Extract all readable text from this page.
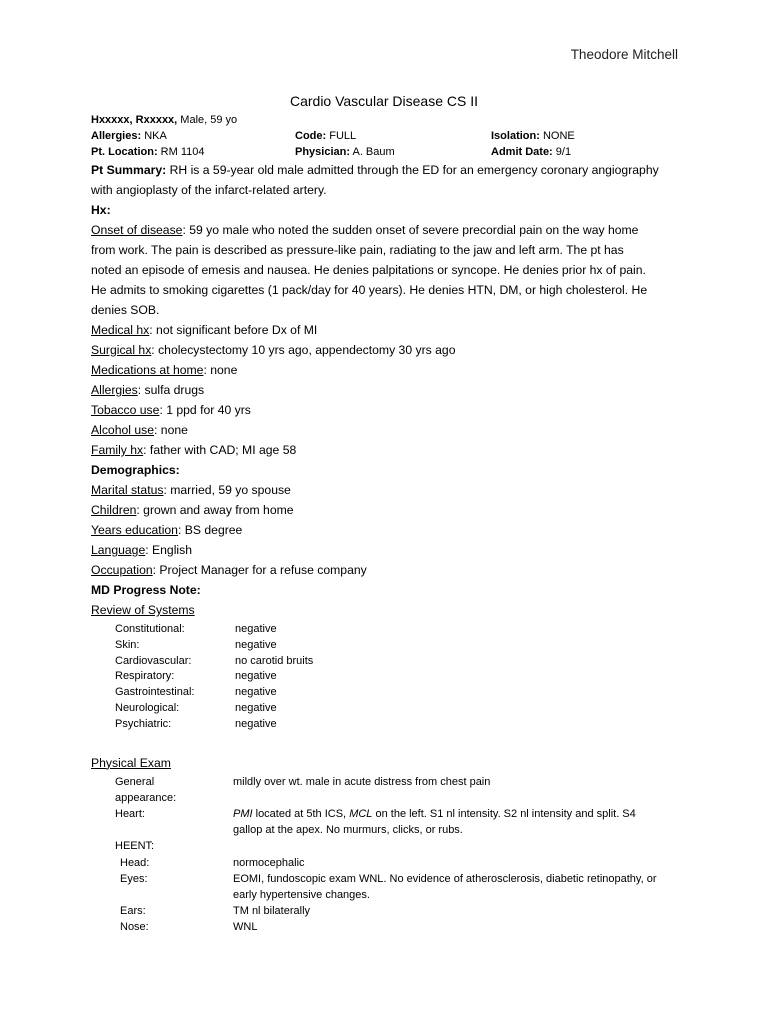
Theodore Mitchell
Cardio Vascular Disease CS II
Hxxxxx, Rxxxxx, Male, 59 yo
Allergies: NKA	Code: FULL	Isolation: NONE
Pt. Location: RM 1104	Physician: A. Baum	Admit Date: 9/1
Pt Summary: RH is a 59-year old male admitted through the ED for an emergency coronary angiography
with angioplasty of the infarct-related artery.
Hx:
Onset of disease: 59 yo male who noted the sudden onset of severe precordial pain on the way home
from work. The pain is described as pressure-like pain, radiating to the jaw and left arm. The pt has
noted an episode of emesis and nausea. He denies palpitations or syncope. He denies prior hx of pain.
He admits to smoking cigarettes (1 pack/day for 40 years). He denies HTN, DM, or high cholesterol. He
denies SOB.
Medical hx: not significant before Dx of MI
Surgical hx: cholecystectomy 10 yrs ago, appendectomy 30 yrs ago
Medications at home: none
Allergies: sulfa drugs
Tobacco use: 1 ppd for 40 yrs
Alcohol use: none
Family hx: father with CAD; MI age 58
Demographics:
Marital status: married, 59 yo spouse
Children: grown and away from home
Years education: BS degree
Language: English
Occupation: Project Manager for a refuse company
MD Progress Note:
Review of Systems
Constitutional:	negative
Skin:	negative
Cardiovascular:	no carotid bruits
Respiratory:	negative
Gastrointestinal:	negative
Neurological:	negative
Psychiatric:	negative
Physical Exam
General	mildly over wt. male in acute distress from chest pain
appearance:
Heart:	PMI located at 5th ICS, MCL on the left. S1 nl intensity. S2 nl intensity and split. S4
gallop at the apex. No murmurs, clicks, or rubs.
HEENT:
Head:	normocephalic
Eyes:	EOMI, fundoscopic exam WNL. No evidence of atherosclerosis, diabetic retinopathy, or
early hypertensive changes.
Ears:	TM nl bilaterally
Nose:	WNL
